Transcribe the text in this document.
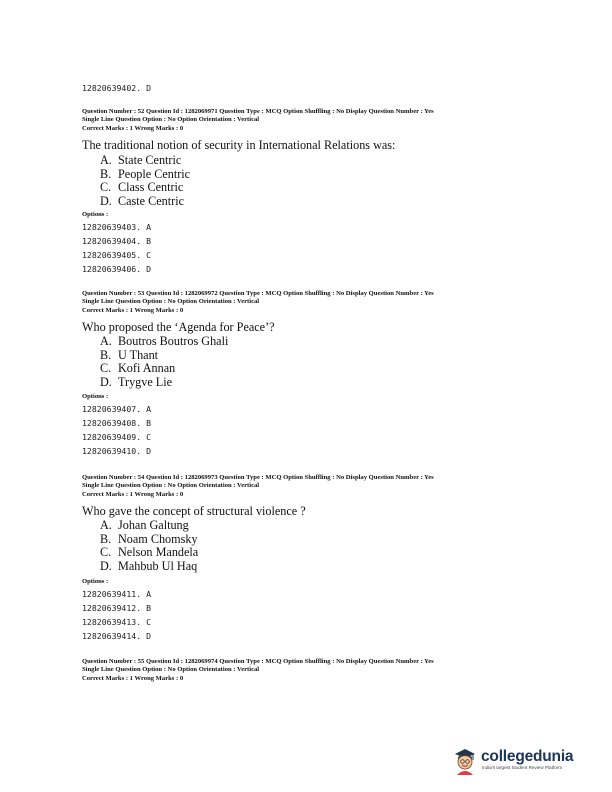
12820639402. D
Question Number : 52 Question Id : 1282069971 Question Type : MCQ Option Shuffling : No Display Question Number : Yes
Single Line Question Option : No Option Orientation : Vertical
Correct Marks : 1 Wrong Marks : 0
The traditional notion of security in International Relations was:
A. State Centric
B. People Centric
C. Class Centric
D. Caste Centric
Options :
12820639403. A
12820639404. B
12820639405. C
12820639406. D
Question Number : 53 Question Id : 1282069972 Question Type : MCQ Option Shuffling : No Display Question Number : Yes
Single Line Question Option : No Option Orientation : Vertical
Correct Marks : 1 Wrong Marks : 0
Who proposed the ‘Agenda for Peace’?
A. Boutros Boutros Ghali
B. U Thant
C. Kofi Annan
D. Trygve Lie
Options :
12820639407. A
12820639408. B
12820639409. C
12820639410. D
Question Number : 54 Question Id : 1282069973 Question Type : MCQ Option Shuffling : No Display Question Number : Yes
Single Line Question Option : No Option Orientation : Vertical
Correct Marks : 1 Wrong Marks : 0
Who gave the concept of structural violence ?
A. Johan Galtung
B. Noam Chomsky
C. Nelson Mandela
D. Mahbub Ul Haq
Options :
12820639411. A
12820639412. B
12820639413. C
12820639414. D
Question Number : 55 Question Id : 1282069974 Question Type : MCQ Option Shuffling : No Display Question Number : Yes
Single Line Question Option : No Option Orientation : Vertical
Correct Marks : 1 Wrong Marks : 0
collegedunia
India's largest Student Review Platform
